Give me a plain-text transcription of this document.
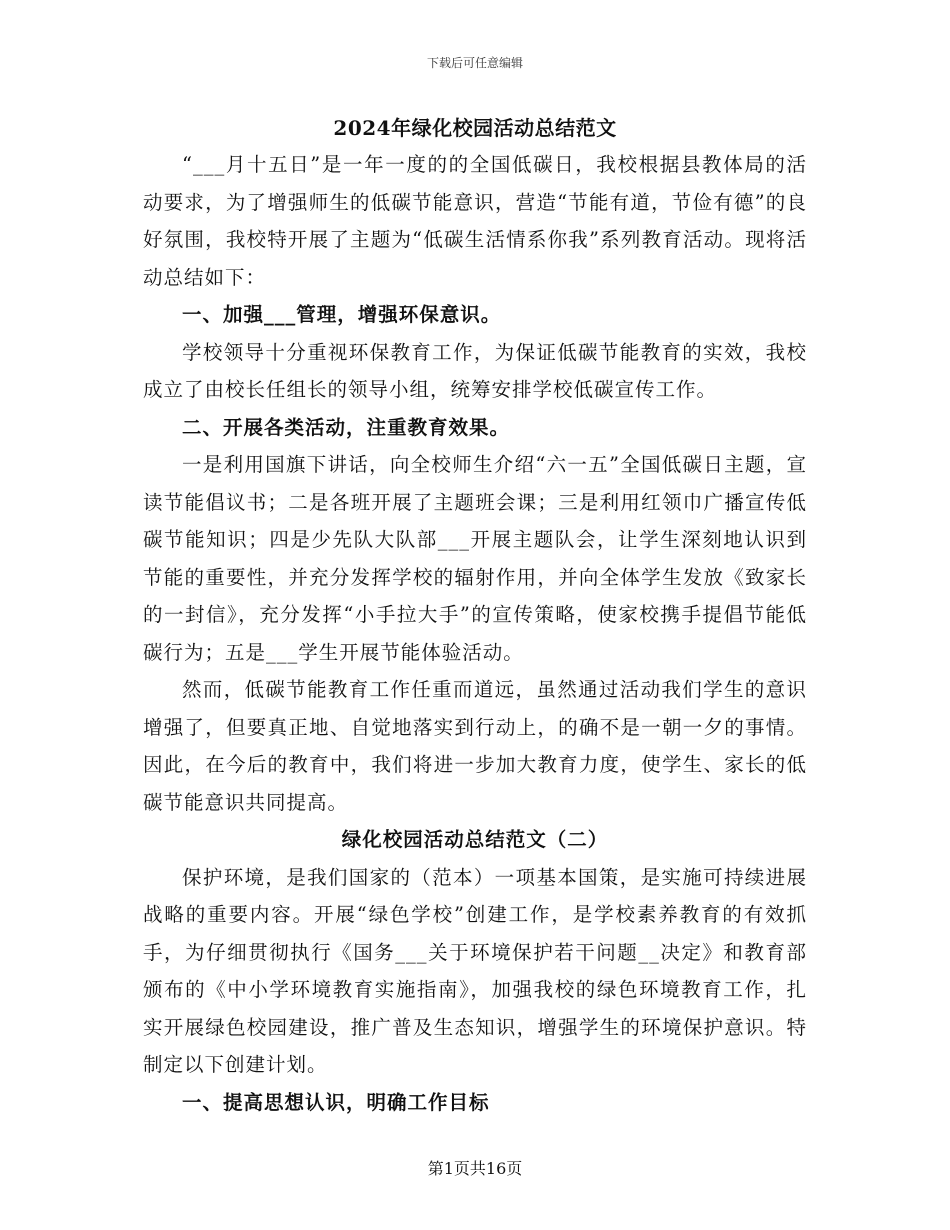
下载后可任意编辑
2024年绿化校园活动总结范文

“___月十五日”是一年一度的的全国低碳日，我校根据县教体局的活动要求，为了增强师生的低碳节能意识，营造“节能有道，节俭有德”的良好氛围，我校特开展了主题为“低碳生活情系你我”系列教育活动。现将活动总结如下：

一、加强___管理，增强环保意识。

学校领导十分重视环保教育工作，为保证低碳节能教育的实效，我校成立了由校长任组长的领导小组，统筹安排学校低碳宣传工作。

二、开展各类活动，注重教育效果。

一是利用国旗下讲话，向全校师生介绍“六一五”全国低碳日主题，宣读节能倡议书；二是各班开展了主题班会课；三是利用红领巾广播宣传低碳节能知识；四是少先队大队部___开展主题队会，让学生深刻地认识到节能的重要性，并充分发挥学校的辐射作用，并向全体学生发放《致家长的一封信》，充分发挥“小手拉大手”的宣传策略，使家校携手提倡节能低碳行为；五是___学生开展节能体验活动。

然而，低碳节能教育工作任重而道远，虽然通过活动我们学生的意识增强了，但要真正地、自觉地落实到行动上，的确不是一朝一夕的事情。因此，在今后的教育中，我们将进一步加大教育力度，使学生、家长的低碳节能意识共同提高。

绿化校园活动总结范文（二）

保护环境，是我们国家的（范本）一项基本国策，是实施可持续进展战略的重要内容。开展“绿色学校”创建工作，是学校素养教育的有效抓手，为仔细贯彻执行《国务___关于环境保护若干问题__决定》和教育部颁布的《中小学环境教育实施指南》，加强我校的绿色环境教育工作，扎实开展绿色校园建设，推广普及生态知识，增强学生的环境保护意识。特制定以下创建计划。

一、提高思想认识，明确工作目标

第1页共16页
